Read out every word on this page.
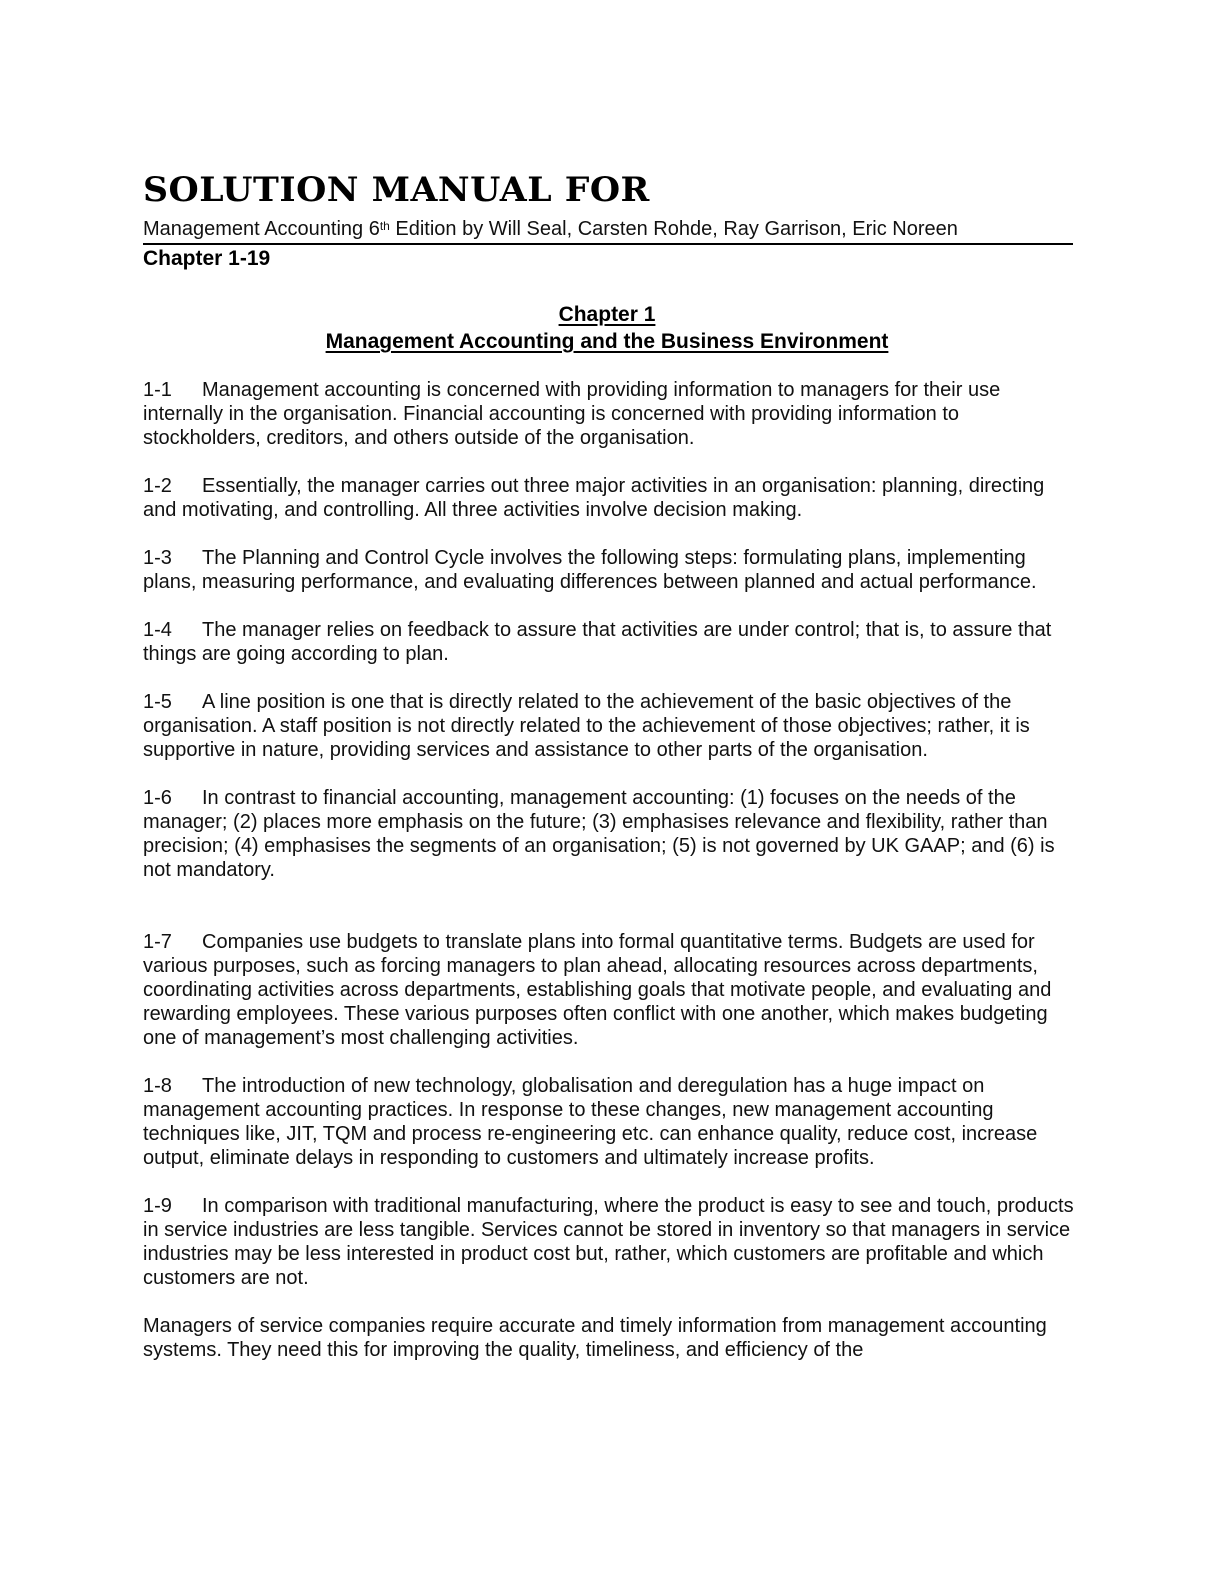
SOLUTION MANUAL FOR
Management Accounting 6th Edition by Will Seal, Carsten Rohde, Ray Garrison, Eric Noreen
Chapter 1-19
Chapter 1
Management Accounting and the Business Environment

1-1 Management accounting is concerned with providing information to managers for their use internally in the organisation. Financial accounting is concerned with providing information to stockholders, creditors, and others outside of the organisation.

1-2 Essentially, the manager carries out three major activities in an organisation: planning, directing and motivating, and controlling. All three activities involve decision making.

1-3 The Planning and Control Cycle involves the following steps: formulating plans, implementing plans, measuring performance, and evaluating differences between planned and actual performance.

1-4 The manager relies on feedback to assure that activities are under control; that is, to assure that things are going according to plan.

1-5 A line position is one that is directly related to the achievement of the basic objectives of the organisation. A staff position is not directly related to the achievement of those objectives; rather, it is supportive in nature, providing services and assistance to other parts of the organisation.

1-6 In contrast to financial accounting, management accounting: (1) focuses on the needs of the manager; (2) places more emphasis on the future; (3) emphasises relevance and flexibility, rather than precision; (4) emphasises the segments of an organisation; (5) is not governed by UK GAAP; and (6) is not mandatory.

1-7 Companies use budgets to translate plans into formal quantitative terms. Budgets are used for various purposes, such as forcing managers to plan ahead, allocating resources across departments, coordinating activities across departments, establishing goals that motivate people, and evaluating and rewarding employees. These various purposes often conflict with one another, which makes budgeting one of management’s most challenging activities.

1-8 The introduction of new technology, globalisation and deregulation has a huge impact on management accounting practices. In response to these changes, new management accounting techniques like, JIT, TQM and process re-engineering etc. can enhance quality, reduce cost, increase output, eliminate delays in responding to customers and ultimately increase profits.

1-9 In comparison with traditional manufacturing, where the product is easy to see and touch, products in service industries are less tangible. Services cannot be stored in inventory so that managers in service industries may be less interested in product cost but, rather, which customers are profitable and which customers are not.

Managers of service companies require accurate and timely information from management accounting systems. They need this for improving the quality, timeliness, and efficiency of the
